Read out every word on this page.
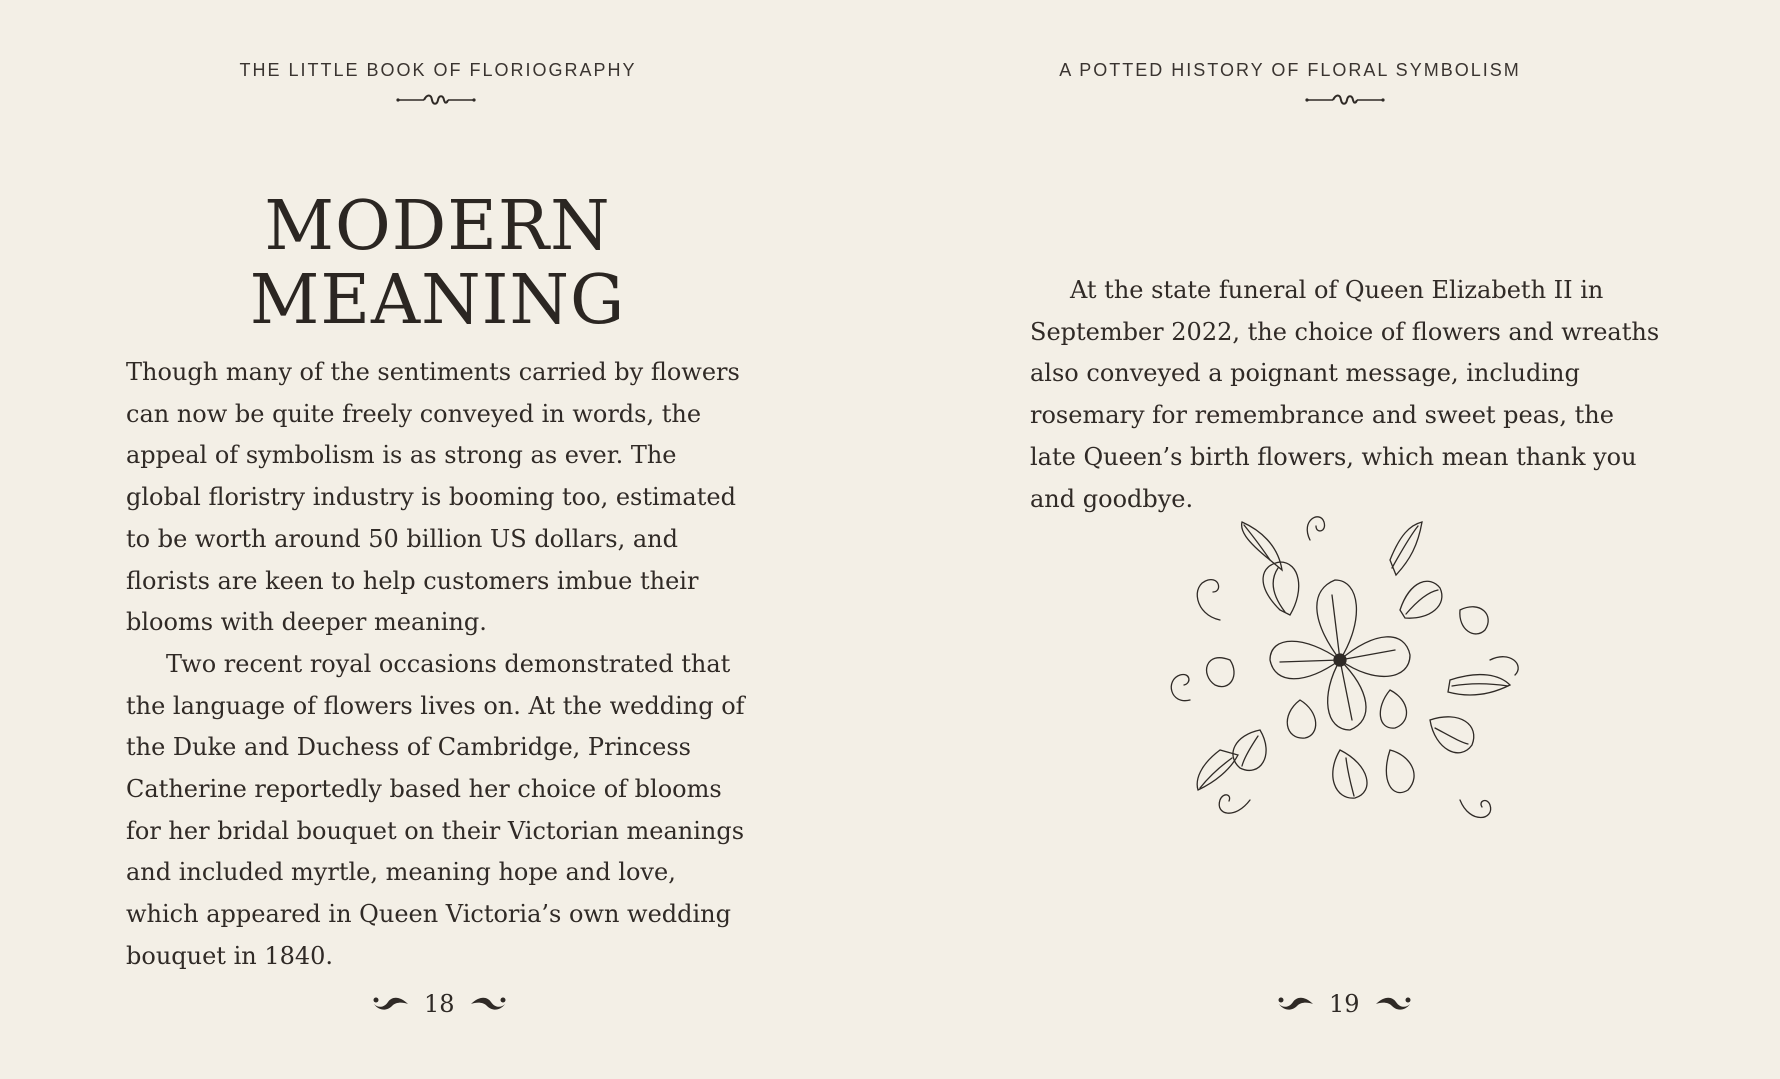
THE LITTLE BOOK OF FLORIOGRAPHY
MODERN
MEANING

Though many of the sentiments carried by flowers can now be quite freely conveyed in words, the appeal of symbolism is as strong as ever. The global floristry industry is booming too, estimated to be worth around 50 billion US dollars, and florists are keen to help customers imbue their blooms with deeper meaning.

Two recent royal occasions demonstrated that the language of flowers lives on. At the wedding of the Duke and Duchess of Cambridge, Princess Catherine reportedly based her choice of blooms for her bridal bouquet on their Victorian meanings and included myrtle, meaning hope and love, which appeared in Queen Victoria’s own wedding bouquet in 1840.

18
A POTTED HISTORY OF FLORAL SYMBOLISM

At the state funeral of Queen Elizabeth II in September 2022, the choice of flowers and wreaths also conveyed a poignant message, including rosemary for remembrance and sweet peas, the late Queen’s birth flowers, which mean thank you and goodbye.

19
